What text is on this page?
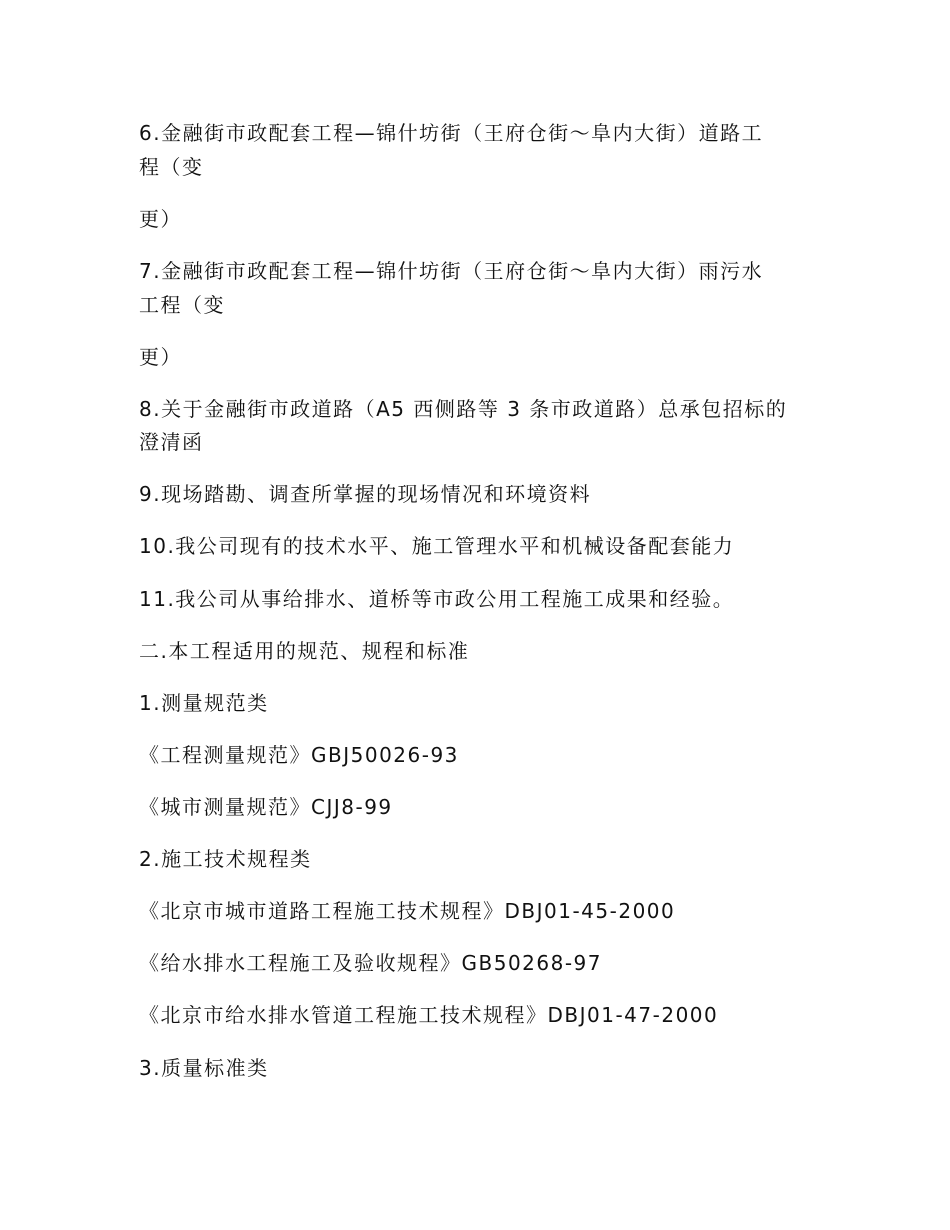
6.金融街市政配套工程—锦什坊街（王府仓街～阜内大街）道路工
程（变
更）
7.金融街市政配套工程—锦什坊街（王府仓街～阜内大街）雨污水
工程（变
更）
8.关于金融街市政道路（A5 西侧路等 3 条市政道路）总承包招标的
澄清函
9.现场踏勘、调查所掌握的现场情况和环境资料
10.我公司现有的技术水平、施工管理水平和机械设备配套能力
11.我公司从事给排水、道桥等市政公用工程施工成果和经验。
二.本工程适用的规范、规程和标准
1.测量规范类
《工程测量规范》GBJ50026-93
《城市测量规范》CJJ8-99
2.施工技术规程类
《北京市城市道路工程施工技术规程》DBJ01-45-2000
《给水排水工程施工及验收规程》GB50268-97
《北京市给水排水管道工程施工技术规程》DBJ01-47-2000
3.质量标准类
